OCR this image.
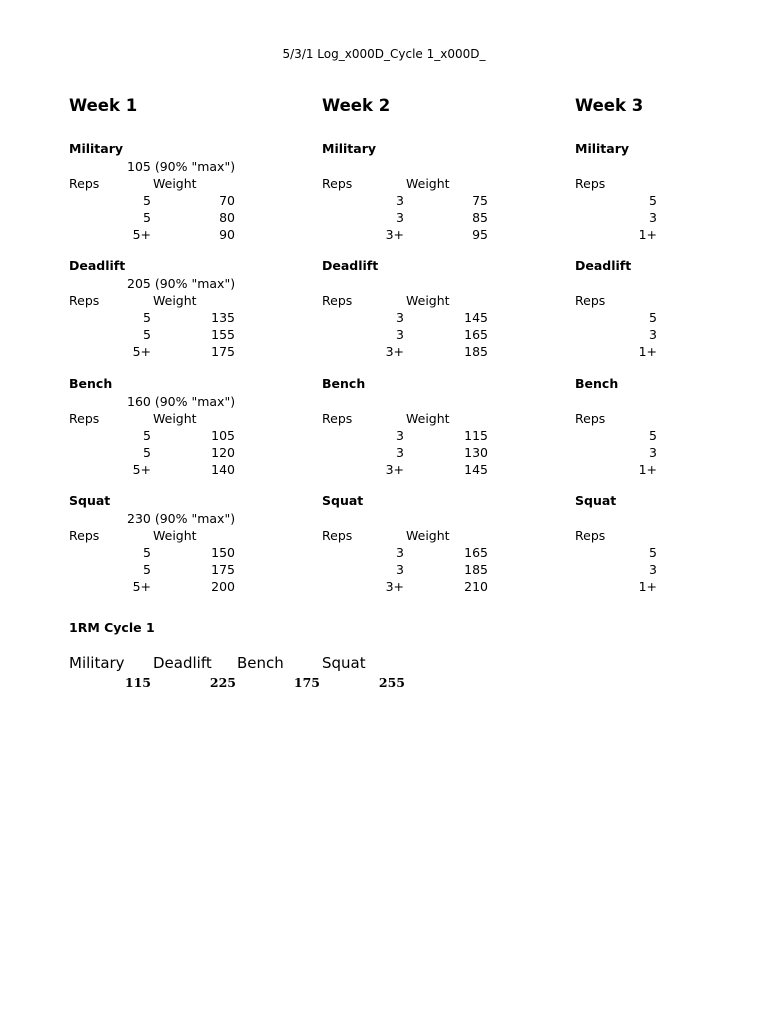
5/3/1 Log_x000D_Cycle 1_x000D_
Week 1
Military
105 (90% "max")
Reps	Weight
5	70
5	80
5+	90
Deadlift
205 (90% "max")
Reps	Weight
5	135
5	155
5+	175
Bench
160 (90% "max")
Reps	Weight
5	105
5	120
5+	140
Squat
230 (90% "max")
Reps	Weight
5	150
5	175
5+	200
Week 2
Military
Reps	Weight
3	75
3	85
3+	95
Deadlift
Reps	Weight
3	145
3	165
3+	185
Bench
Reps	Weight
3	115
3	130
3+	145
Squat
Reps	Weight
3	165
3	185
3+	210
Week 3
Military
Reps
5
3
1+
Deadlift
Reps
5
3
1+
Bench
Reps
5
3
1+
Squat
Reps
5
3
1+
1RM Cycle 1
Military Deadlift Bench	Squat
115	225	175	255
